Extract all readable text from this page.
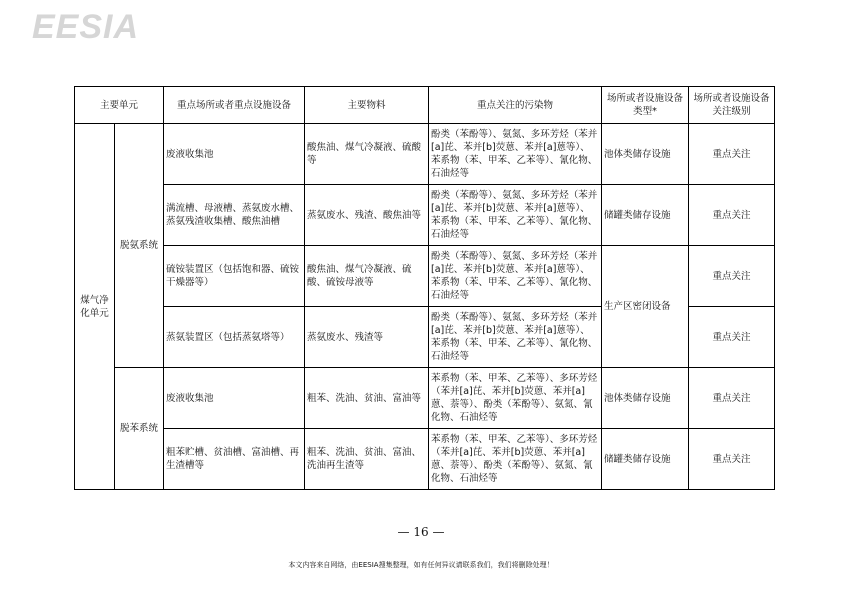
EESIA
主要单元		重点场所或者重点设施设备	主要物料	重点关注的污染物	场所或者设施设备类型*	场所或者设施设备关注级别
煤气净化单元	脱氨系统	废液收集池	酸焦油、煤气冷凝液、硫酸等	酚类（苯酚等）、氨氮、多环芳烃（苯并[a]芘、苯并[b]荧蒽、苯并[a]蒽等）、苯系物（苯、甲苯、乙苯等）、氰化物、石油烃等	池体类储存设施	重点关注
		满流槽、母液槽、蒸氨废水槽、蒸氨残渣收集槽、酸焦油槽	蒸氨废水、残渣、酸焦油等	酚类（苯酚等）、氨氮、多环芳烃（苯并[a]芘、苯并[b]荧蒽、苯并[a]蒽等）、苯系物（苯、甲苯、乙苯等）、氰化物、石油烃等	储罐类储存设施	重点关注
		硫铵装置区（包括饱和器、硫铵干燥器等）	酸焦油、煤气冷凝液、硫酸、硫铵母液等	酚类（苯酚等）、氨氮、多环芳烃（苯并[a]芘、苯并[b]荧蒽、苯并[a]蒽等）、苯系物（苯、甲苯、乙苯等）、氰化物、石油烃等	生产区密闭设备	重点关注
		蒸氨装置区（包括蒸氨塔等）	蒸氨废水、残渣等	酚类（苯酚等）、氨氮、多环芳烃（苯并[a]芘、苯并[b]荧蒽、苯并[a]蒽等）、苯系物（苯、甲苯、乙苯等）、氰化物、石油烃等		重点关注
	脱苯系统	废液收集池	粗苯、洗油、贫油、富油等	苯系物（苯、甲苯、乙苯等）、多环芳烃（苯并[a]芘、苯并[b]荧蒽、苯并[a]蒽、萘等）、酚类（苯酚等）、氨氮、氰化物、石油烃等	池体类储存设施	重点关注
		粗苯贮槽、贫油槽、富油槽、再生渣槽等	粗苯、洗油、贫油、富油、洗油再生渣等	苯系物（苯、甲苯、乙苯等）、多环芳烃（苯并[a]芘、苯并[b]荧蒽、苯并[a]蒽、萘等）、酚类（苯酚等）、氨氮、氰化物、石油烃等	储罐类储存设施	重点关注
— 16 —
本文内容来自网络，由EESIA搜集整理，如有任何异议请联系我们，我们将删除处理！
